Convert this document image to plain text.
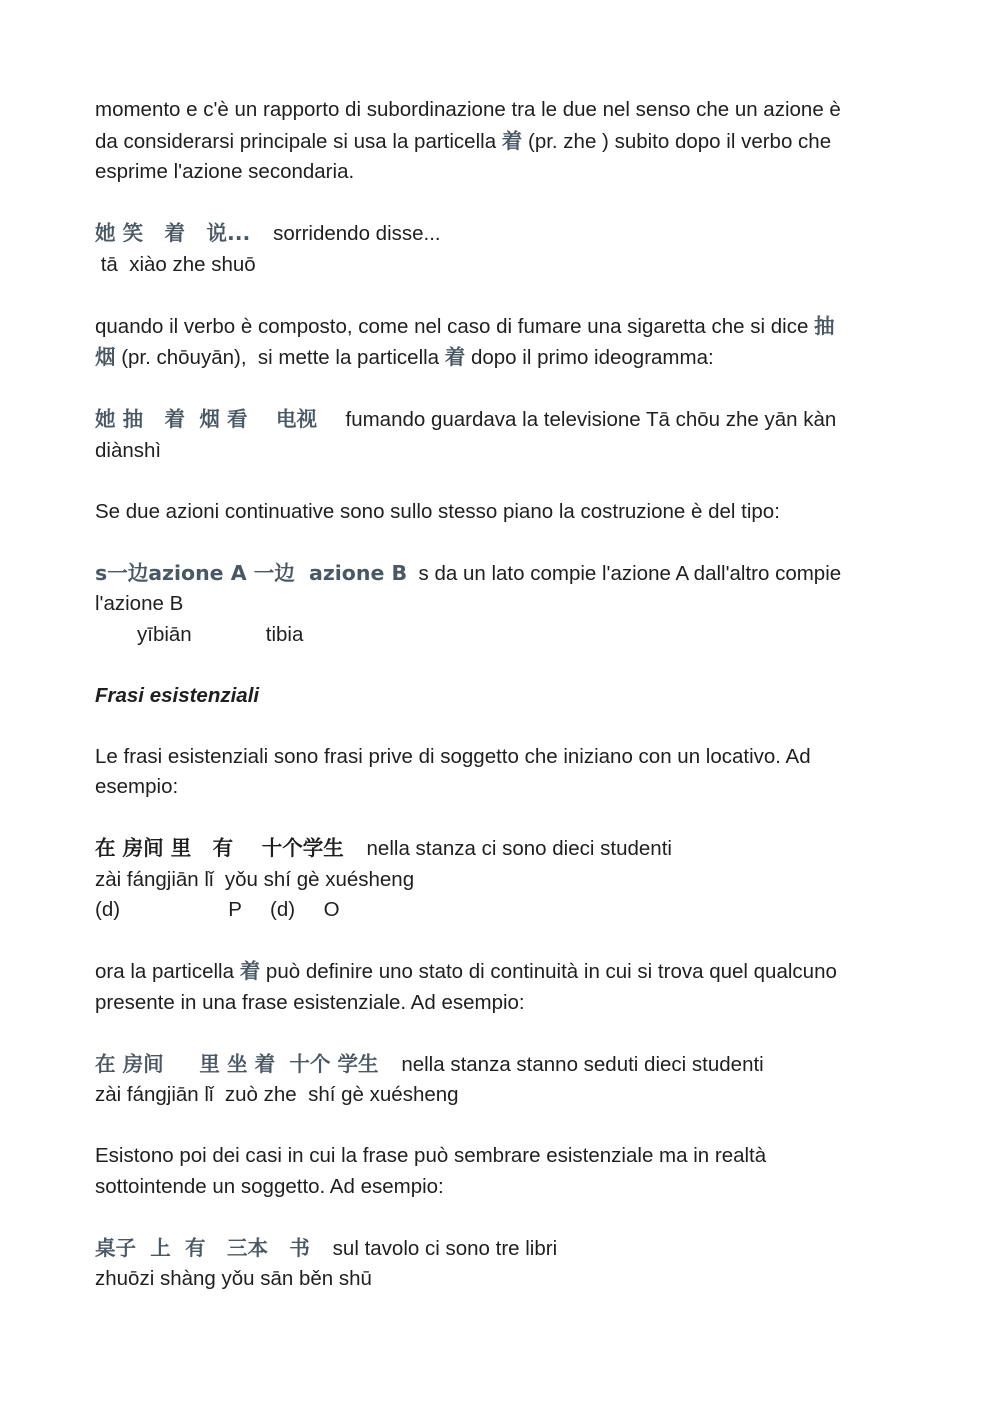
momento e c'è un rapporto di subordinazione tra le due nel senso che un azione è

da considerarsi principale si usa la particella 着 (pr. zhe ) subito dopo il verbo che

esprime l'azione secondaria.

她 笑   着   说... sorridendo disse...

tā  xiào zhe shuō

quando il verbo è composto, come nel caso di fumare una sigaretta che si dice 抽

烟 (pr. chōuyān),  si mette la particella 着 dopo il primo ideogramma:

她 抽   着  烟 看    电视 fumando guardava la televisione Tā chōu zhe yān kàn

diànshì

Se due azioni continuative sono sullo stesso piano la costruzione è del tipo:

s一边azione A 一边  azione B s da un lato compie l'azione A dall'altro compie

l'azione B

yībiān             tibia

Frasi esistenziali

Le frasi esistenziali sono frasi prive di soggetto che iniziano con un locativo. Ad

esempio:

在 房间 里   有    十个学生 nella stanza ci sono dieci studenti

zài fángjiān lǐ  yǒu shí gè xuésheng

(d)                   P     (d)     O

ora la particella 着 può definire uno stato di continuità in cui si trova quel qualcuno

presente in una frase esistenziale. Ad esempio:

在 房间     里 坐 着  十个 学生 nella stanza stanno seduti dieci studenti

zài fángjiān lǐ  zuò zhe  shí gè xuésheng

Esistono poi dei casi in cui la frase può sembrare esistenziale ma in realtà

sottointende un soggetto. Ad esempio:

桌子  上  有   三本   书 sul tavolo ci sono tre libri

zhuōzi shàng yǒu sān běn shū
